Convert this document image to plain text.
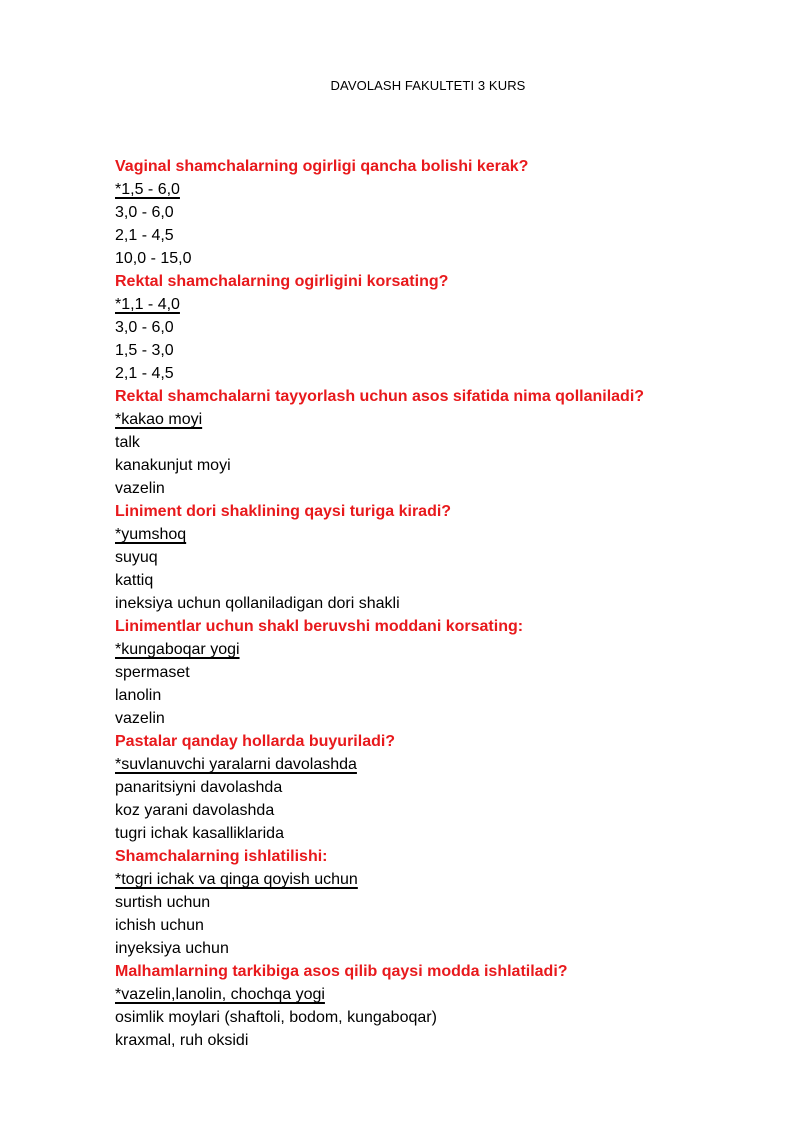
DAVOLASH FAKULTETI 3 KURS
Vaginal shamchalarning ogirligi qancha bolishi kerak?
*1,5 - 6,0
3,0 - 6,0
2,1 - 4,5
10,0 - 15,0
Rektal shamchalarning ogirligini korsating?
*1,1 - 4,0
3,0 - 6,0
1,5 - 3,0
2,1 - 4,5
Rektal shamchalarni tayyorlash uchun asos sifatida nima qollaniladi?
*kakao moyi
talk
kanakunjut moyi
vazelin
Liniment dori shaklining qaysi turiga kiradi?
*yumshoq
suyuq
kattiq
ineksiya uchun qollaniladigan dori shakli
Linimentlar uchun shakl beruvshi moddani korsating:
*kungaboqar yogi
spermaset
lanolin
vazelin
Pastalar qanday hollarda buyuriladi?
*suvlanuvchi yaralarni davolashda
panaritsiyni davolashda
koz yarani davolashda
tugri ichak kasalliklarida
Shamchalarning ishlatilishi:
*togri ichak va qinga qoyish uchun
surtish uchun
ichish uchun
inyeksiya uchun
Malhamlarning tarkibiga asos qilib qaysi modda ishlatiladi?
*vazelin,lanolin, chochqa yogi
osimlik moylari (shaftoli, bodom, kungaboqar)
kraxmal, ruh oksidi
